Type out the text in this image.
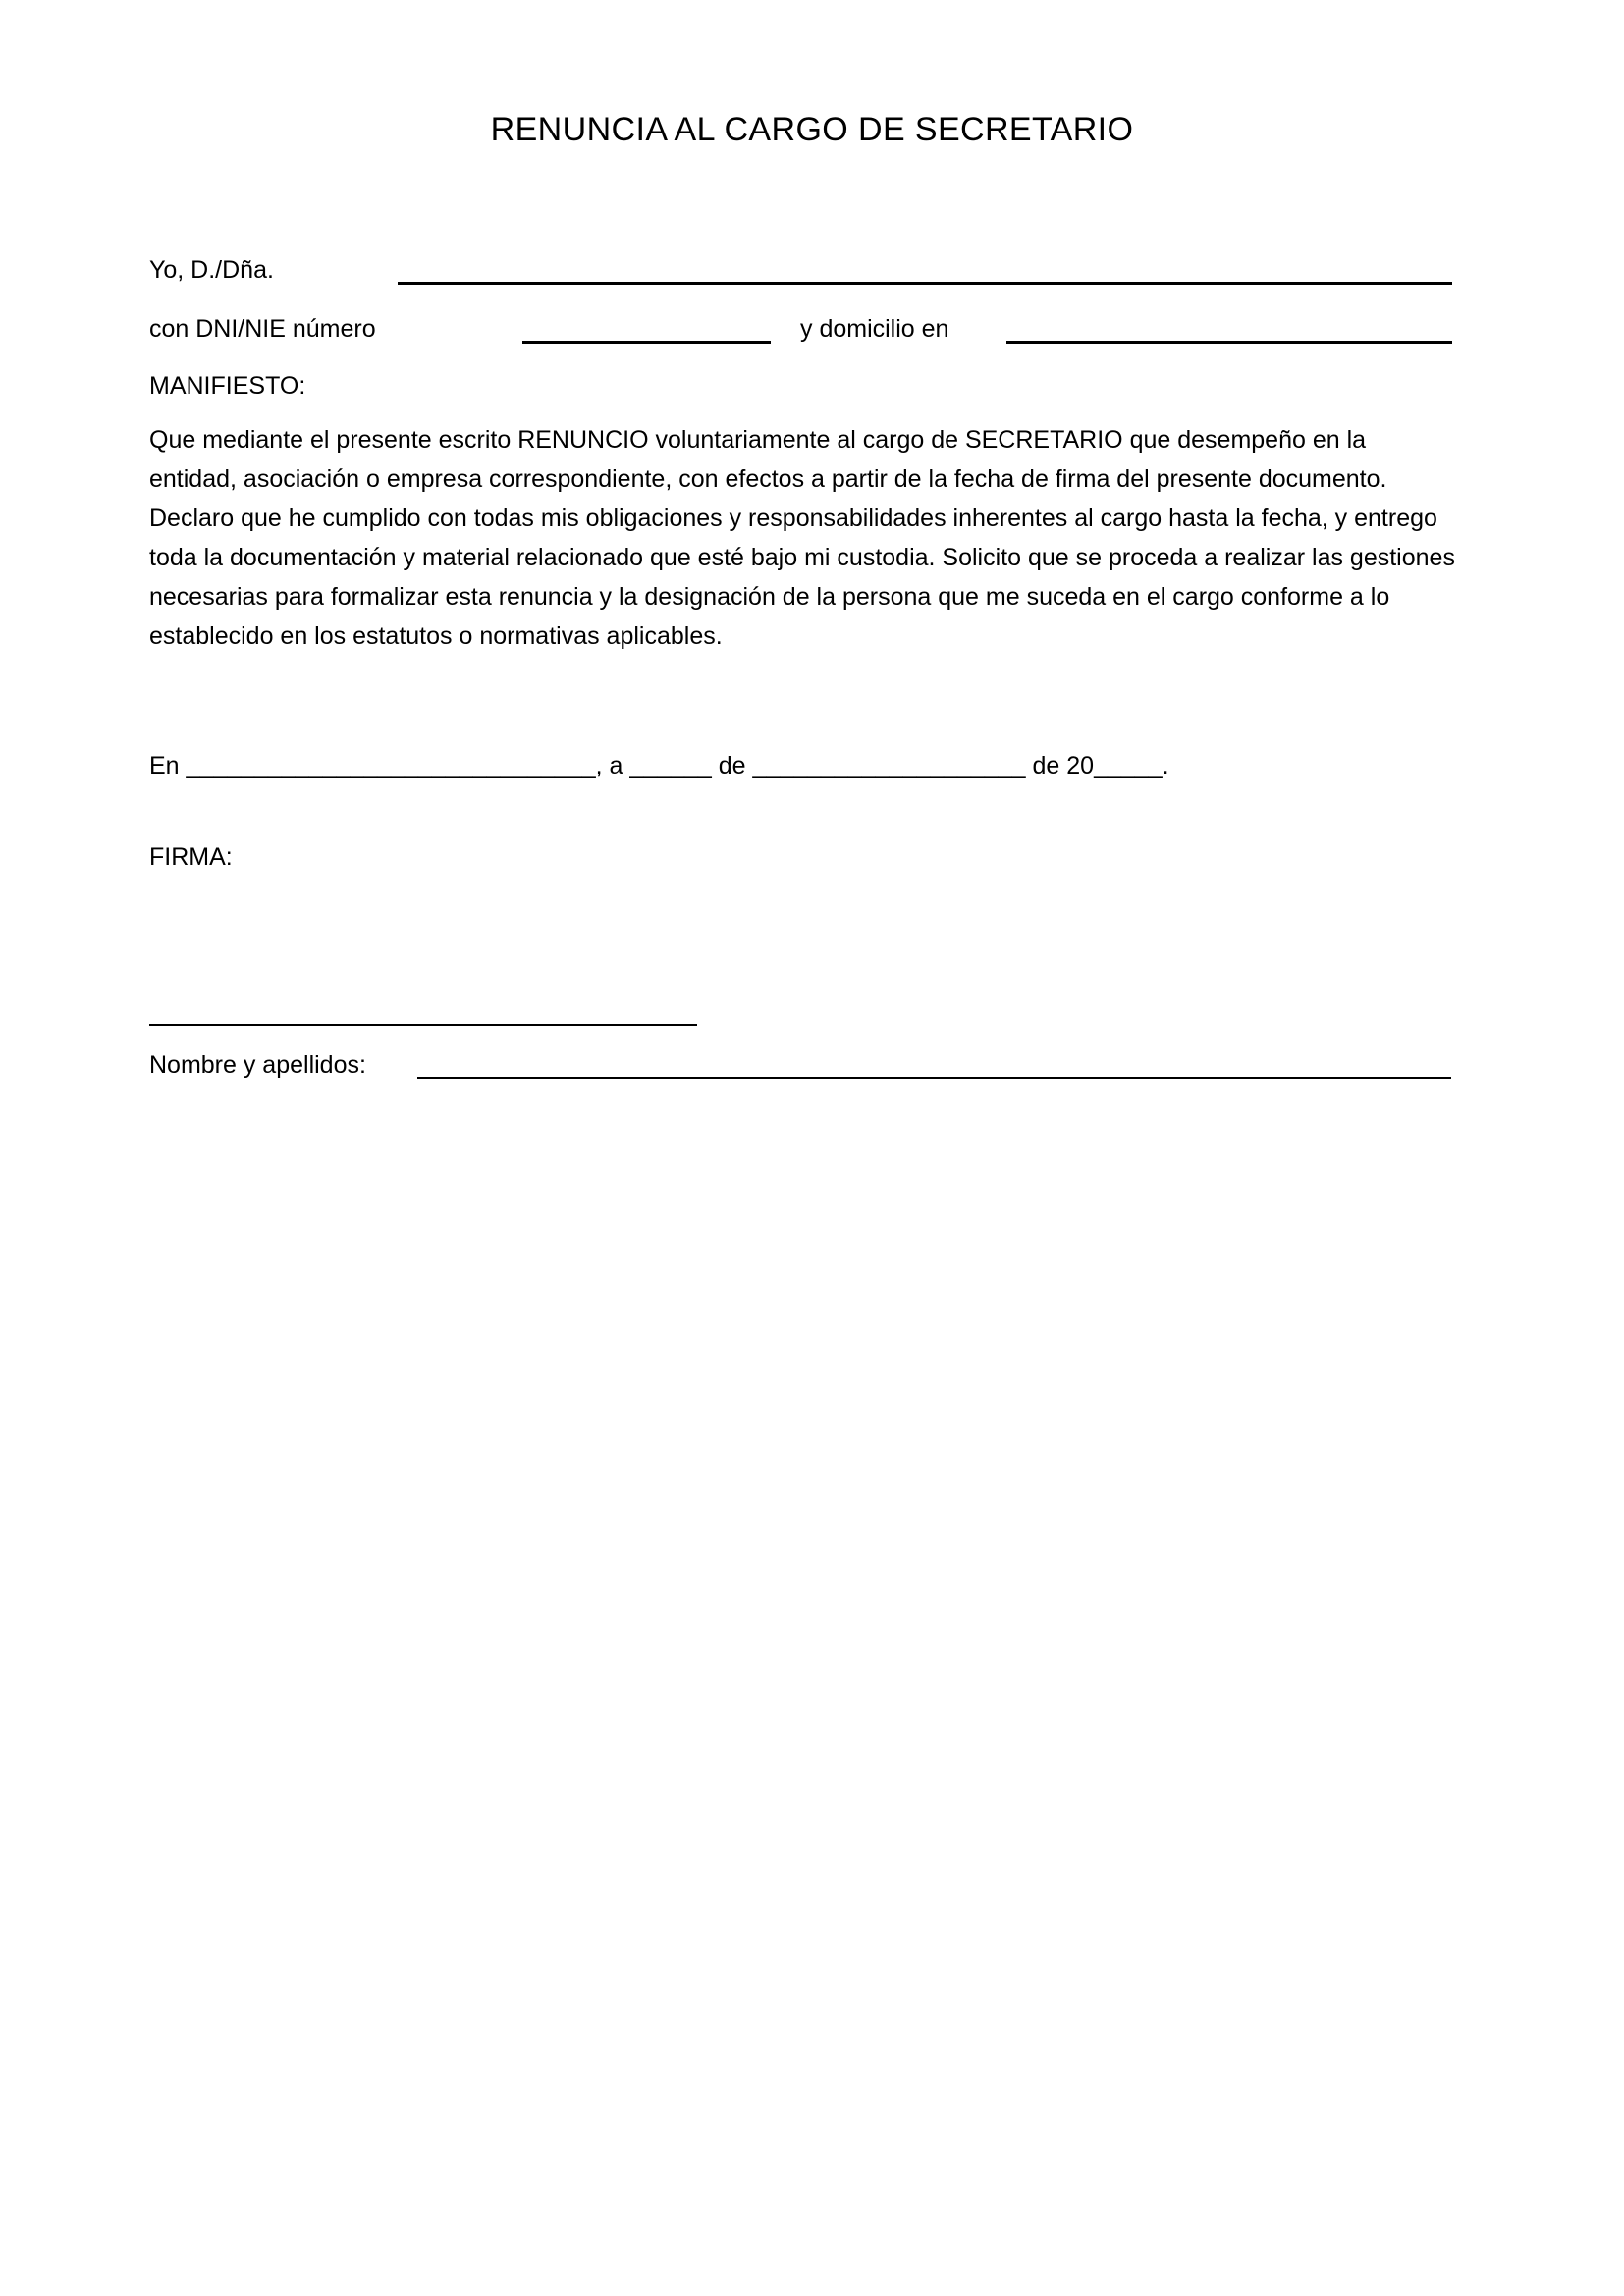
RENUNCIA AL CARGO DE SECRETARIO
Yo, D./Dña.
con DNI/NIE número	y domicilio en
MANIFIESTO:

Que mediante el presente escrito RENUNCIO voluntariamente al cargo de SECRETARIO que desempeño en la entidad, asociación o empresa correspondiente, con efectos a partir de la fecha de firma del presente documento. Declaro que he cumplido con todas mis obligaciones y responsabilidades inherentes al cargo hasta la fecha, y entrego toda la documentación y material relacionado que esté bajo mi custodia. Solicito que se proceda a realizar las gestiones necesarias para formalizar esta renuncia y la designación de la persona que me suceda en el cargo conforme a lo establecido en los estatutos o normativas aplicables.

En ______________________________, a ______ de ____________________ de 20_____.
FIRMA:
Nombre y apellidos:
